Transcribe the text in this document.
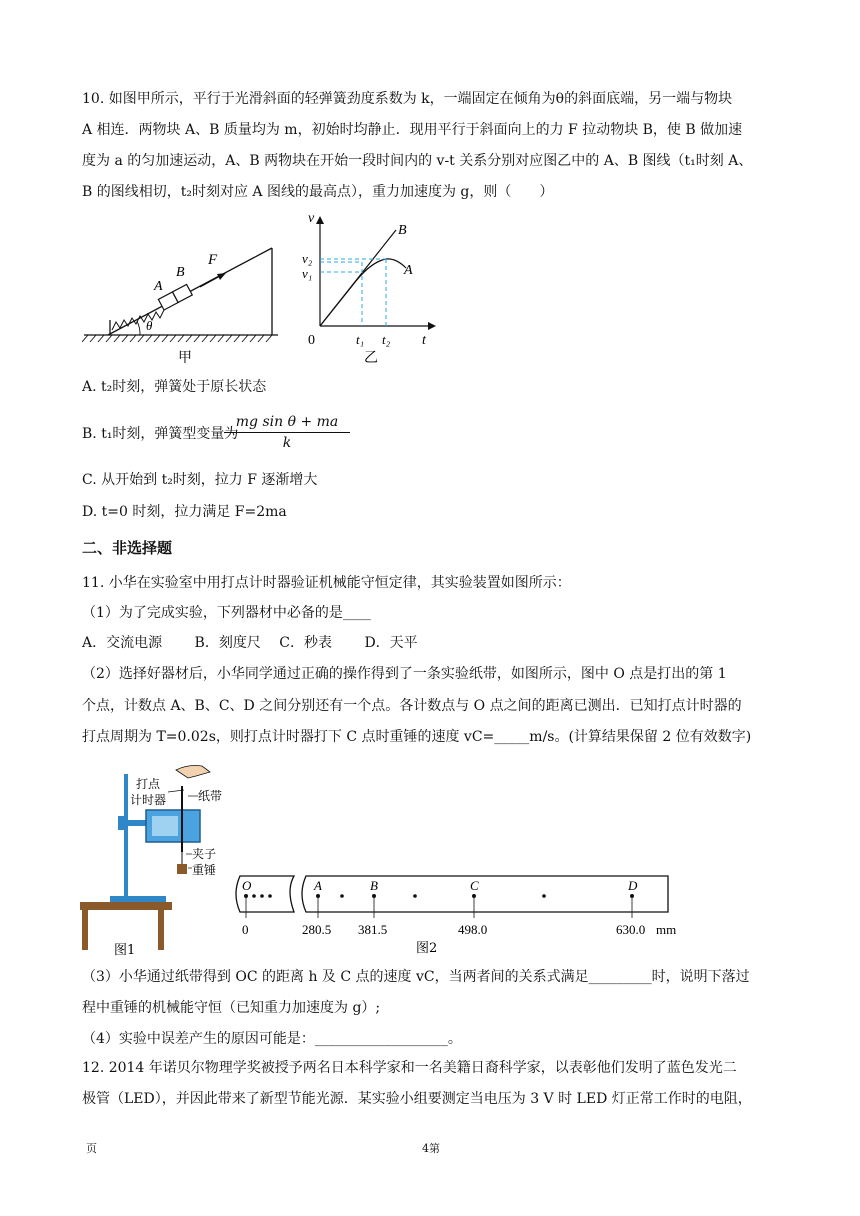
10. 如图甲所示，平行于光滑斜面的轻弹簧劲度系数为 k，一端固定在倾角为θ的斜面底端，另一端与物块
A 相连．两物块 A、B 质量均为 m，初始时均静止．现用平行于斜面向上的力 F 拉动物块 B，使 B 做加速
度为 a 的匀加速运动，A、B 两物块在开始一段时间内的 v-t 关系分别对应图乙中的 A、B 图线（t₁时刻 A、
B 的图线相切，t₂时刻对应 A 图线的最高点），重力加速度为 g，则（　　）
A
B
F
θ
甲
v
t
0
v₂
v₁
t₁ t₂
B
A
乙
A. t₂时刻，弹簧处于原长状态
B. t₁时刻，弹簧型变量为
$\frac{\text{mg sin θ + ma}}{k}$
C. 从开始到 t₂时刻，拉力 F 逐渐增大
D. t=0 时刻，拉力满足 F=2ma
二、非选择题
11. 小华在实验室中用打点计时器验证机械能守恒定律，其实验装置如图所示：
（1）为了完成实验，下列器材中必备的是____
A．交流电源　　 B．刻度尺　 C．秒表　　 D．天平
（2）选择好器材后，小华同学通过正确的操作得到了一条实验纸带，如图所示，图中 O 点是打出的第 1
个点，计数点 A、B、C、D 之间分别还有一个点。各计数点与 O 点之间的距离已测出．已知打点计时器的
打点周期为 T=0.02s，则打点计时器打下 C 点时重锤的速度 vC=_____m/s。(计算结果保留 2 位有效数字)
打点
计时器	纸带
夹子
重锤
图1
O	A	B	C	D
0	280.5 381.5	498.0	630.0 mm
图2
（3）小华通过纸带得到 OC 的距离 h 及 C 点的速度 vC，当两者间的关系式满足_________时，说明下落过
程中重锤的机械能守恒（已知重力加速度为 g）;
（4）实验中误差产生的原因可能是：___________________。
12. 2014 年诺贝尔物理学奖被授予两名日本科学家和一名美籍日裔科学家，以表彰他们发明了蓝色发光二
极管（LED），并因此带来了新型节能光源．某实验小组要测定当电压为 3 V 时 LED 灯正常工作时的电阻，
页	4第
